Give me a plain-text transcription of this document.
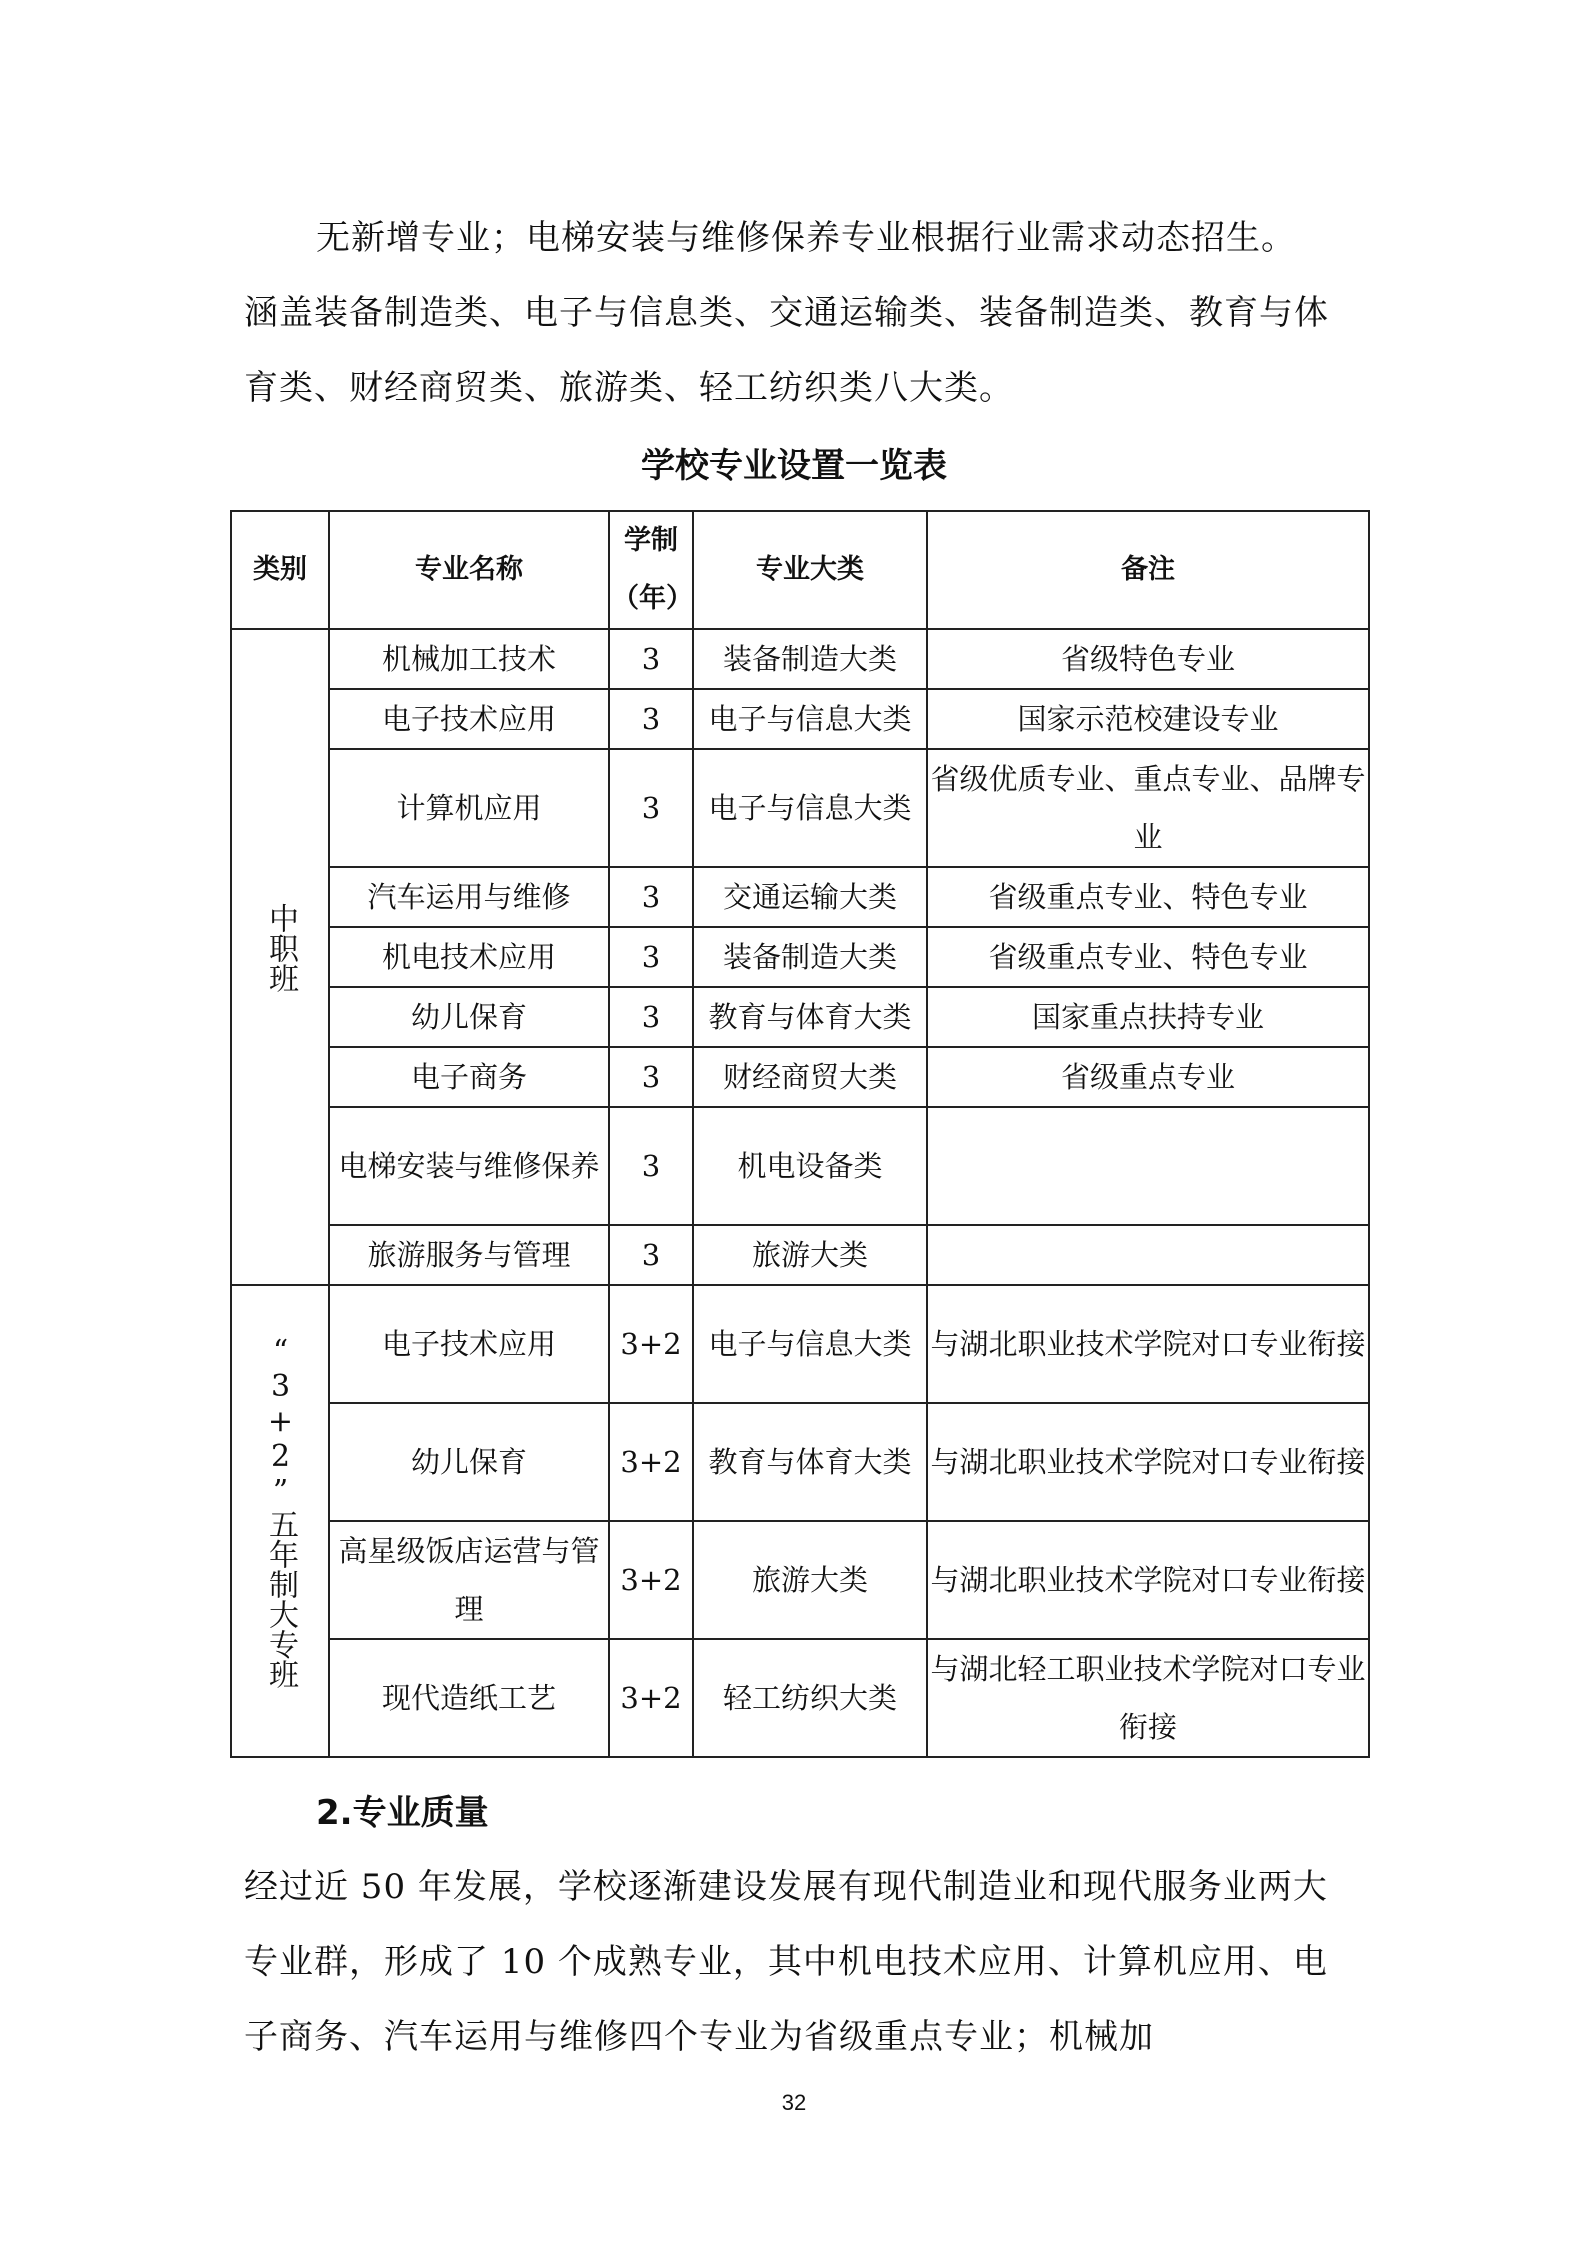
无新增专业；电梯安装与维修保养专业根据行业需求动态招生。
涵盖装备制造类、电子与信息类、交通运输类、装备制造类、教育与体育类、财经商贸类、旅游类、轻工纺织类八大类。
学校专业设置一览表
类别	专业名称	学制（年）	专业大类	备注
中职班	机械加工技术	3	装备制造大类	省级特色专业
	电子技术应用	3	电子与信息大类	国家示范校建设专业
	计算机应用	3	电子与信息大类	省级优质专业、重点专业、品牌专业
	汽车运用与维修	3	交通运输大类	省级重点专业、特色专业
	机电技术应用	3	装备制造大类	省级重点专业、特色专业
	幼儿保育	3	教育与体育大类	国家重点扶持专业
	电子商务	3	财经商贸大类	省级重点专业
	电梯安装与维修保养	3	机电设备类	
	旅游服务与管理	3	旅游大类	
“3+2”五年制大专班	电子技术应用	3+2	电子与信息大类	与湖北职业技术学院对口专业衔接
	幼儿保育	3+2	教育与体育大类	与湖北职业技术学院对口专业衔接
	高星级饭店运营与管理	3+2	旅游大类	与湖北职业技术学院对口专业衔接
	现代造纸工艺	3+2	轻工纺织大类	与湖北轻工职业技术学院对口专业衔接
2.专业质量
经过近 50 年发展，学校逐渐建设发展有现代制造业和现代服务业两大专业群，形成了 10 个成熟专业，其中机电技术应用、计算机应用、电子商务、汽车运用与维修四个专业为省级重点专业；机械加
32
